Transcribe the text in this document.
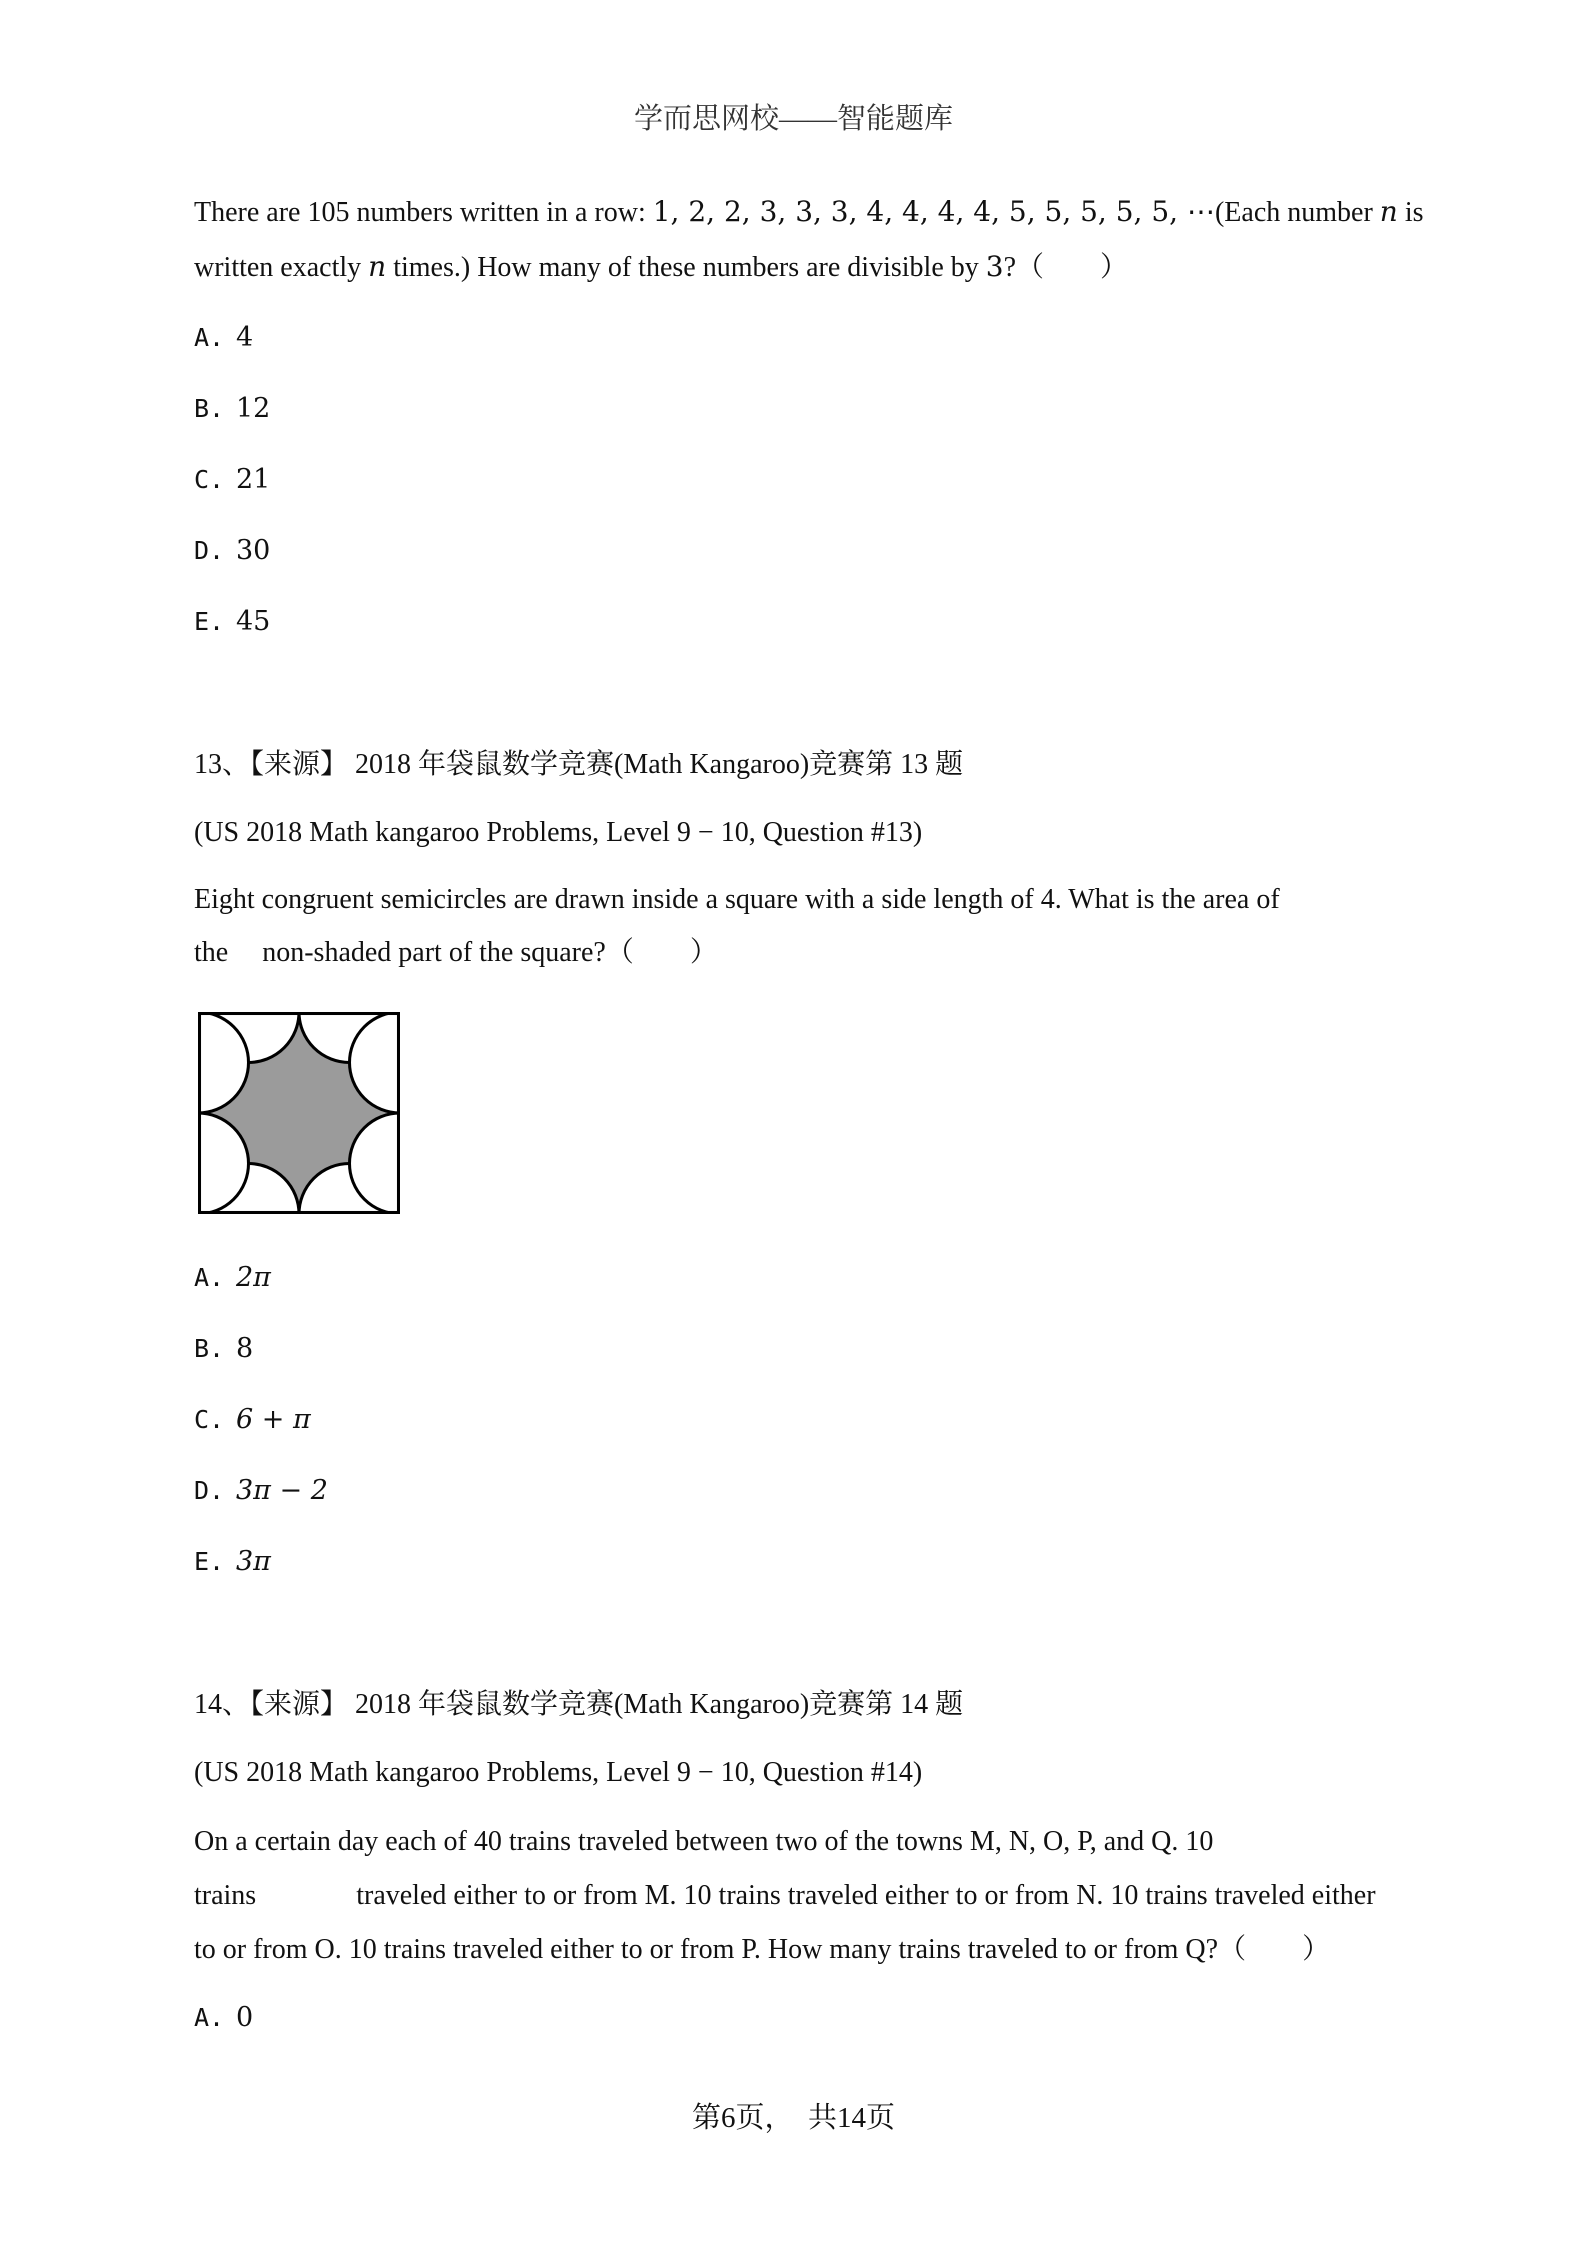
学而思网校——智能题库
There are 105 numbers written in a row: 1, 2, 2, 3, 3, 3, 4, 4, 4, 4, 5, 5, 5, 5, 5, ⋯(Each number n is
written exactly n times.) How many of these numbers are divisible by 3?（　　）
A. 4
B. 12
C. 21
D. 30
E. 45
13、【来源】 2018 年袋鼠数学竞赛(Math Kangaroo)竞赛第 13 题
(US 2018 Math kangaroo Problems, Level 9 − 10, Question #13)
Eight congruent semicircles are drawn inside a square with a side length of 4. What is the area of
the non-shaded part of the square?（　　）
A. 2π
B. 8
C. 6 + π
D. 3π − 2
E. 3π
14、【来源】 2018 年袋鼠数学竞赛(Math Kangaroo)竞赛第 14 题
(US 2018 Math kangaroo Problems, Level 9 − 10, Question #14)
On a certain day each of 40 trains traveled between two of the towns M, N, O, P, and Q. 10
trains	traveled either to or from M. 10 trains traveled either to or from N. 10 trains traveled either
to or from O. 10 trains traveled either to or from P. How many trains traveled to or from Q?（　　）
A. 0
第6页，　共14页
